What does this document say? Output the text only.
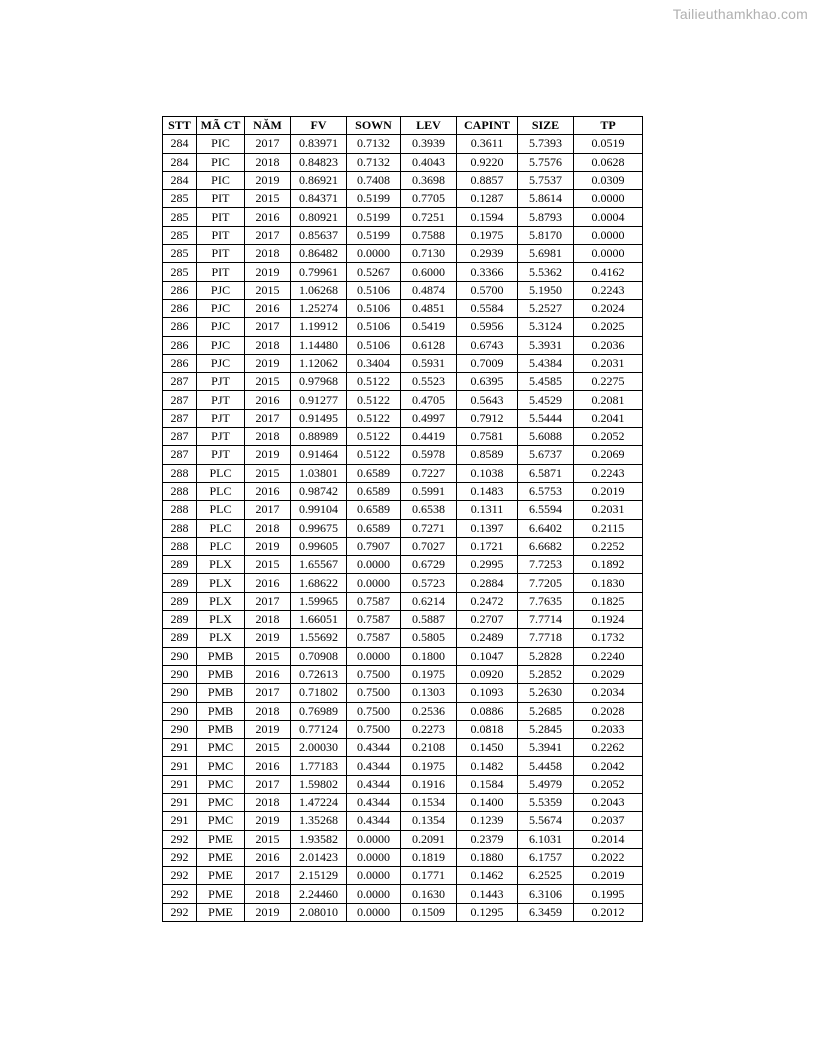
Tailieuthamkhao.com
STT	MÃ CT	NĂM	FV	SOWN	LEV	CAPINT	SIZE	TP
284	PIC	2017	0.83971	0.7132	0.3939	0.3611	5.7393	0.0519
284	PIC	2018	0.84823	0.7132	0.4043	0.9220	5.7576	0.0628
284	PIC	2019	0.86921	0.7408	0.3698	0.8857	5.7537	0.0309
285	PIT	2015	0.84371	0.5199	0.7705	0.1287	5.8614	0.0000
285	PIT	2016	0.80921	0.5199	0.7251	0.1594	5.8793	0.0004
285	PIT	2017	0.85637	0.5199	0.7588	0.1975	5.8170	0.0000
285	PIT	2018	0.86482	0.0000	0.7130	0.2939	5.6981	0.0000
285	PIT	2019	0.79961	0.5267	0.6000	0.3366	5.5362	0.4162
286	PJC	2015	1.06268	0.5106	0.4874	0.5700	5.1950	0.2243
286	PJC	2016	1.25274	0.5106	0.4851	0.5584	5.2527	0.2024
286	PJC	2017	1.19912	0.5106	0.5419	0.5956	5.3124	0.2025
286	PJC	2018	1.14480	0.5106	0.6128	0.6743	5.3931	0.2036
286	PJC	2019	1.12062	0.3404	0.5931	0.7009	5.4384	0.2031
287	PJT	2015	0.97968	0.5122	0.5523	0.6395	5.4585	0.2275
287	PJT	2016	0.91277	0.5122	0.4705	0.5643	5.4529	0.2081
287	PJT	2017	0.91495	0.5122	0.4997	0.7912	5.5444	0.2041
287	PJT	2018	0.88989	0.5122	0.4419	0.7581	5.6088	0.2052
287	PJT	2019	0.91464	0.5122	0.5978	0.8589	5.6737	0.2069
288	PLC	2015	1.03801	0.6589	0.7227	0.1038	6.5871	0.2243
288	PLC	2016	0.98742	0.6589	0.5991	0.1483	6.5753	0.2019
288	PLC	2017	0.99104	0.6589	0.6538	0.1311	6.5594	0.2031
288	PLC	2018	0.99675	0.6589	0.7271	0.1397	6.6402	0.2115
288	PLC	2019	0.99605	0.7907	0.7027	0.1721	6.6682	0.2252
289	PLX	2015	1.65567	0.0000	0.6729	0.2995	7.7253	0.1892
289	PLX	2016	1.68622	0.0000	0.5723	0.2884	7.7205	0.1830
289	PLX	2017	1.59965	0.7587	0.6214	0.2472	7.7635	0.1825
289	PLX	2018	1.66051	0.7587	0.5887	0.2707	7.7714	0.1924
289	PLX	2019	1.55692	0.7587	0.5805	0.2489	7.7718	0.1732
290	PMB	2015	0.70908	0.0000	0.1800	0.1047	5.2828	0.2240
290	PMB	2016	0.72613	0.7500	0.1975	0.0920	5.2852	0.2029
290	PMB	2017	0.71802	0.7500	0.1303	0.1093	5.2630	0.2034
290	PMB	2018	0.76989	0.7500	0.2536	0.0886	5.2685	0.2028
290	PMB	2019	0.77124	0.7500	0.2273	0.0818	5.2845	0.2033
291	PMC	2015	2.00030	0.4344	0.2108	0.1450	5.3941	0.2262
291	PMC	2016	1.77183	0.4344	0.1975	0.1482	5.4458	0.2042
291	PMC	2017	1.59802	0.4344	0.1916	0.1584	5.4979	0.2052
291	PMC	2018	1.47224	0.4344	0.1534	0.1400	5.5359	0.2043
291	PMC	2019	1.35268	0.4344	0.1354	0.1239	5.5674	0.2037
292	PME	2015	1.93582	0.0000	0.2091	0.2379	6.1031	0.2014
292	PME	2016	2.01423	0.0000	0.1819	0.1880	6.1757	0.2022
292	PME	2017	2.15129	0.0000	0.1771	0.1462	6.2525	0.2019
292	PME	2018	2.24460	0.0000	0.1630	0.1443	6.3106	0.1995
292	PME	2019	2.08010	0.0000	0.1509	0.1295	6.3459	0.2012
